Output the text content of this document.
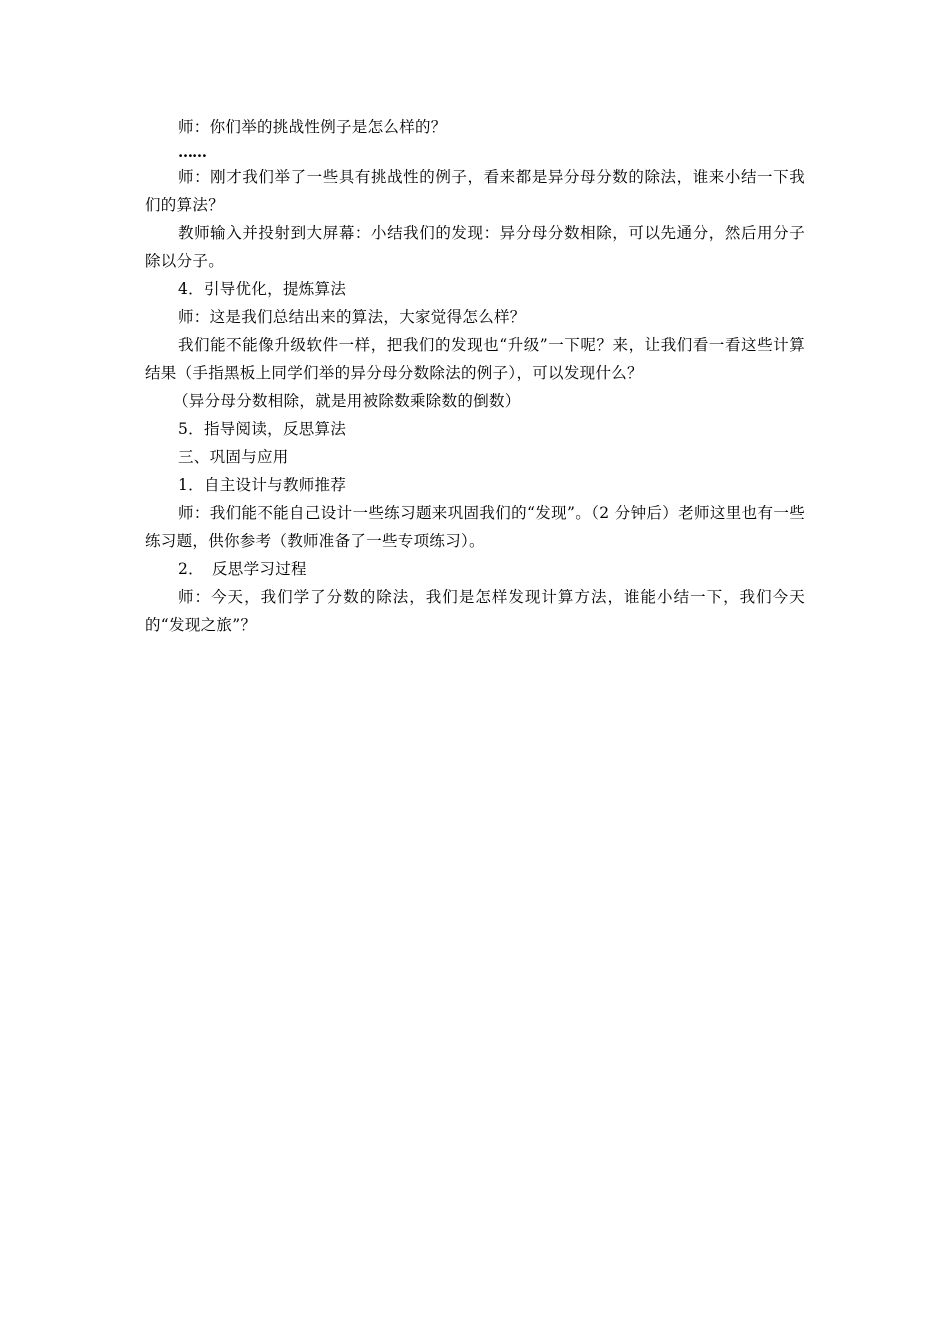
师：你们举的挑战性例子是怎么样的？

……

师：刚才我们举了一些具有挑战性的例子，看来都是异分母分数的除法，谁来小结一下我们的算法？

教师输入并投射到大屏幕：小结我们的发现：异分母分数相除，可以先通分，然后用分子除以分子。

4．引导优化，提炼算法

师：这是我们总结出来的算法，大家觉得怎么样？

我们能不能像升级软件一样，把我们的发现也“升级”一下呢？来，让我们看一看这些计算结果（手指黑板上同学们举的异分母分数除法的例子），可以发现什么？

（异分母分数相除，就是用被除数乘除数的倒数）

5．指导阅读，反思算法

三、巩固与应用

1．自主设计与教师推荐

师：我们能不能自己设计一些练习题来巩固我们的“发现”。（2 分钟后）老师这里也有一些练习题，供你参考（教师准备了一些专项练习）。

2．　反思学习过程

师：今天，我们学了分数的除法，我们是怎样发现计算方法，谁能小结一下，我们今天的“发现之旅”？
